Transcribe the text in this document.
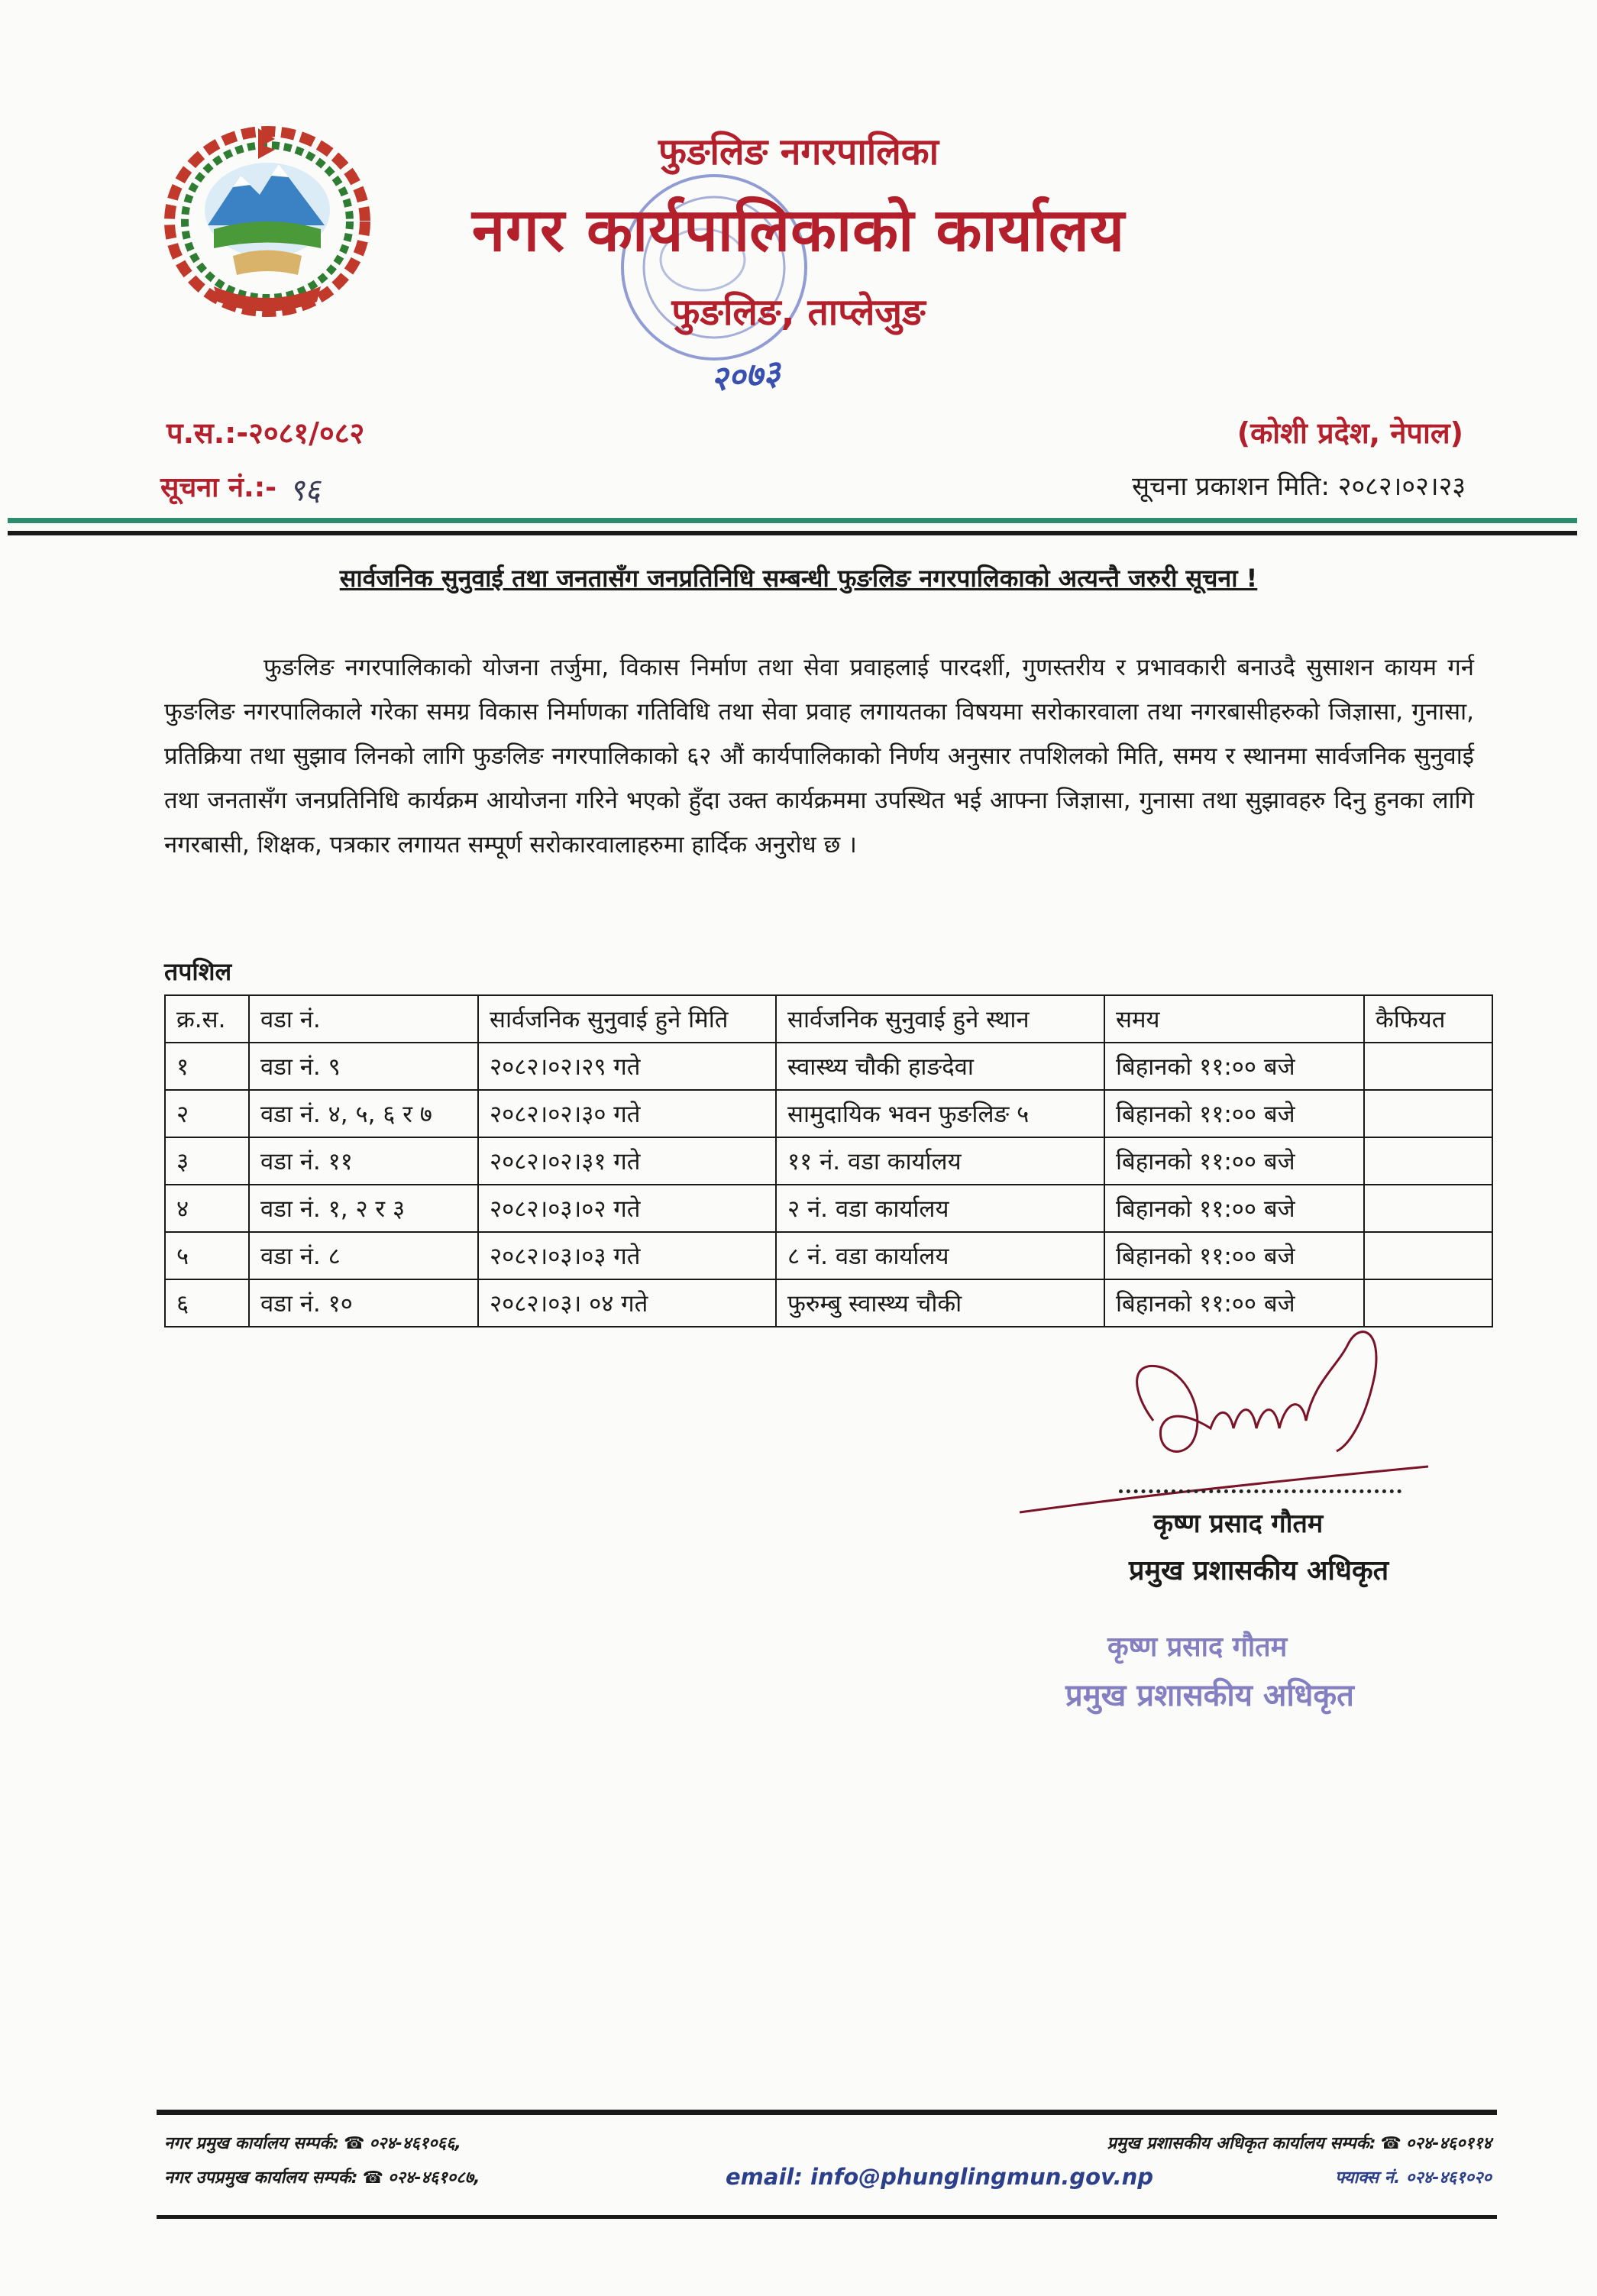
फुङलिङ नगरपालिका
नगर कार्यपालिकाको कार्यालय
फुङलिङ, ताप्लेजुङ
२०७३
प.स.:-२०८१/०८२	(कोशी प्रदेश, नेपाल)
सूचना नं.:- ९६	सूचना प्रकाशन मिति: २०८२।०२।२३
सार्वजनिक सुनुवाई तथा जनतासँग जनप्रतिनिधि सम्बन्धी फुङलिङ नगरपालिकाको अत्यन्तै जरुरी सूचना !
फुङलिङ नगरपालिकाको योजना तर्जुमा, विकास निर्माण तथा सेवा प्रवाहलाई पारदर्शी, गुणस्तरीय र प्रभावकारी बनाउदै सुसाशन कायम गर्न फुङलिङ नगरपालिकाले गरेका समग्र विकास निर्माणका गतिविधि तथा सेवा प्रवाह लगायतका विषयमा सरोकारवाला तथा नगरबासीहरुको जिज्ञासा, गुनासा, प्रतिक्रिया तथा सुझाव लिनको लागि फुङलिङ नगरपालिकाको ६२ औं कार्यपालिकाको निर्णय अनुसार तपशिलको मिति, समय र स्थानमा सार्वजनिक सुनुवाई तथा जनतासँग जनप्रतिनिधि कार्यक्रम आयोजना गरिने भएको हुँदा उक्त कार्यक्रममा उपस्थित भई आफ्ना जिज्ञासा, गुनासा तथा सुझावहरु दिनु हुनका लागि नगरबासी, शिक्षक, पत्रकार लगायत सम्पूर्ण सरोकारवालाहरुमा हार्दिक अनुरोध छ ।
तपशिल
क्र.स.	वडा नं.	सार्वजनिक सुनुवाई हुने मिति	सार्वजनिक सुनुवाई हुने स्थान	समय	कैफियत
१	वडा नं. ९	२०८२।०२।२९ गते	स्वास्थ्य चौकी हाङदेवा	बिहानको ११:०० बजे	
२	वडा नं. ४, ५, ६ र ७	२०८२।०२।३० गते	सामुदायिक भवन फुङलिङ ५	बिहानको ११:०० बजे	
३	वडा नं. ११	२०८२।०२।३१ गते	११ नं. वडा कार्यालय	बिहानको ११:०० बजे	
४	वडा नं. १, २ र ३	२०८२।०३।०२ गते	२ नं. वडा कार्यालय	बिहानको ११:०० बजे	
५	वडा नं. ८	२०८२।०३।०३ गते	८ नं. वडा कार्यालय	बिहानको ११:०० बजे	
६	वडा नं. १०	२०८२।०३। ०४ गते	फुरुम्बु स्वास्थ्य चौकी	बिहानको ११:०० बजे	
कृष्ण प्रसाद गौतम
प्रमुख प्रशासकीय अधिकृत
कृष्ण प्रसाद गौतम
प्रमुख प्रशासकीय अधिकृत
नगर प्रमुख कार्यालय सम्पर्क: ☎ ०२४-४६१०६६,
नगर उपप्रमुख कार्यालय सम्पर्क: ☎ ०२४-४६१०८७,	email: info@phunglingmun.gov.np
प्रमुख प्रशासकीय अधिकृत कार्यालय सम्पर्क: ☎ ०२४-४६०११४
फ्याक्स नं. ०२४-४६१०२०
